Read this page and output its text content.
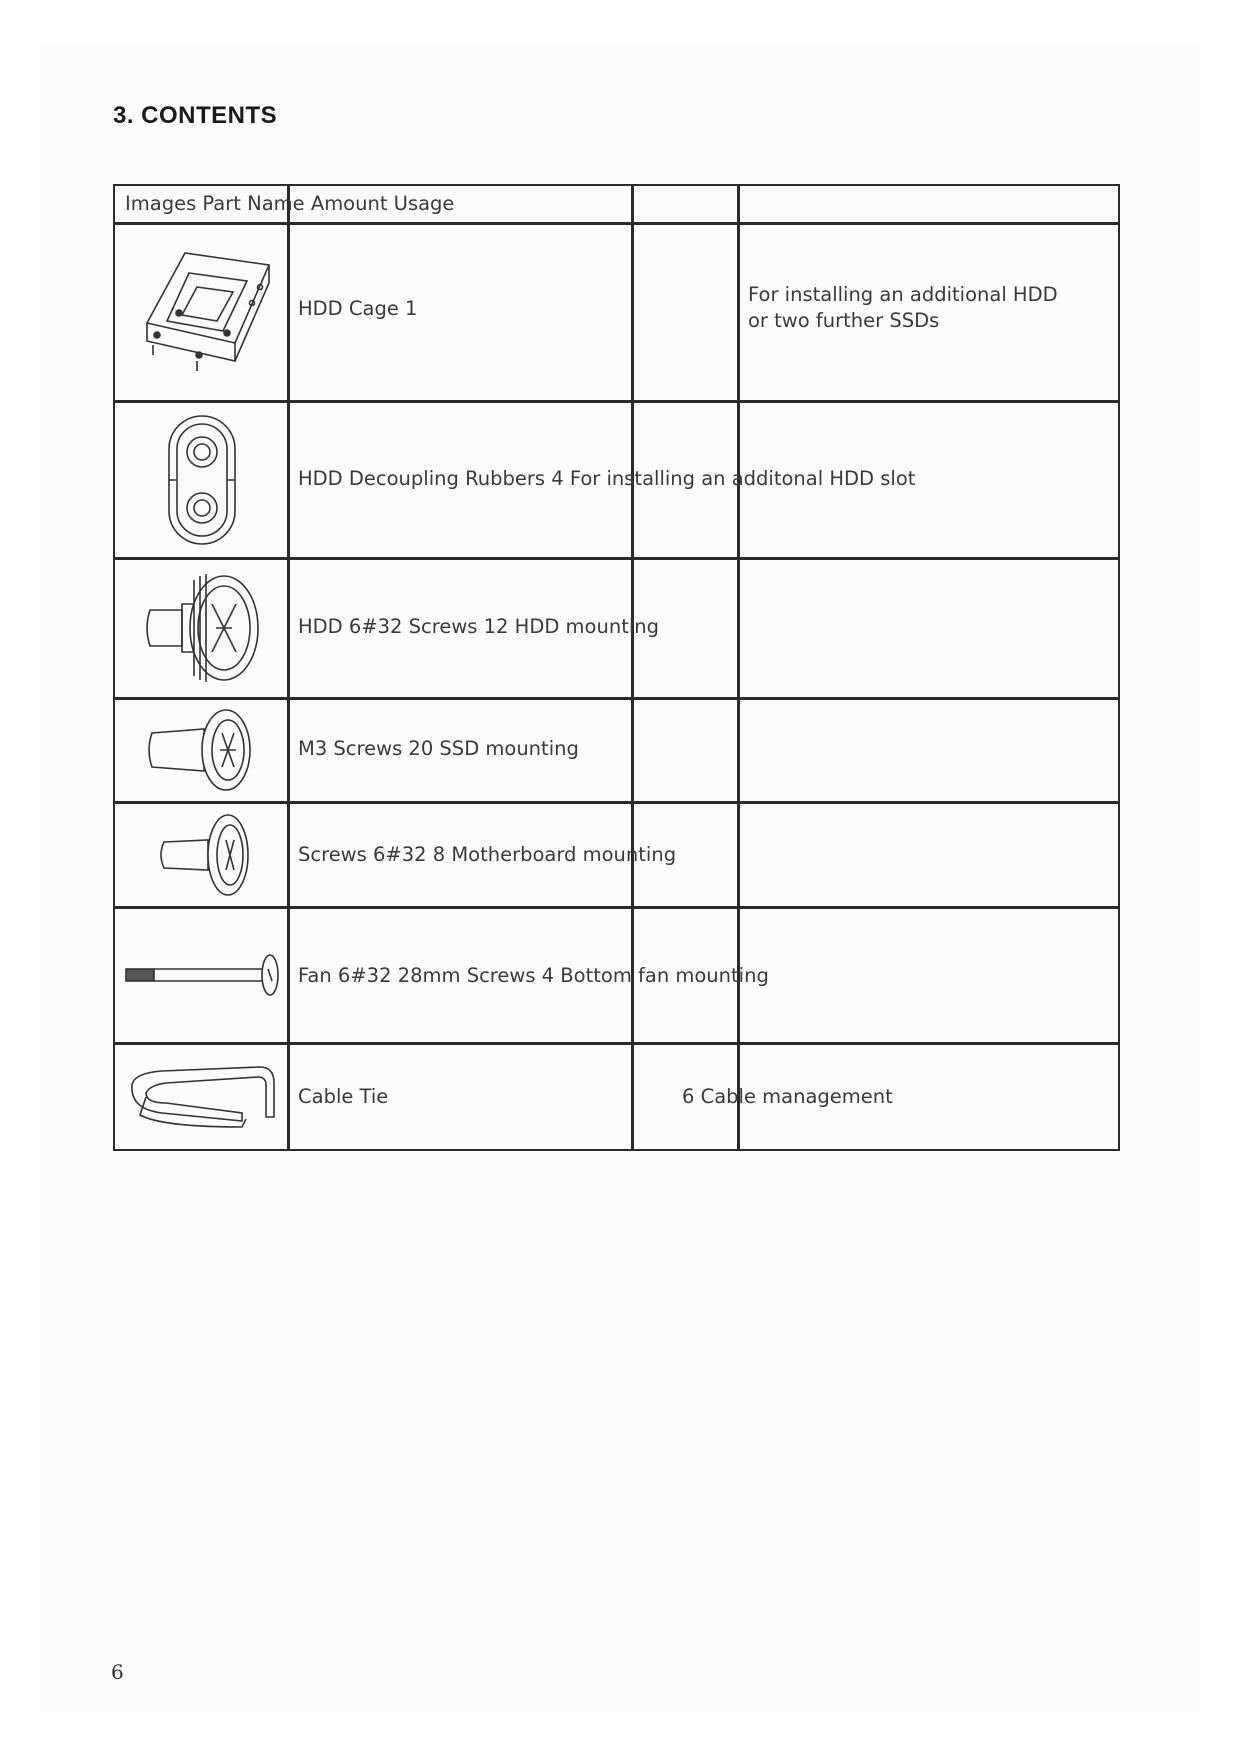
3. CONTENTS
Images Part Name Amount Usage
HDD Cage 1
For installing an additional HDD or two further SSDs
HDD Decoupling Rubbers 4 For installing an additonal HDD slot
HDD 6#32 Screws 12 HDD mounting
M3 Screws 20 SSD mounting
Screws 6#32 8 Motherboard mounting
Fan 6#32 28mm Screws 4 Bottom fan mounting
Cable Tie	6 Cable management
6
